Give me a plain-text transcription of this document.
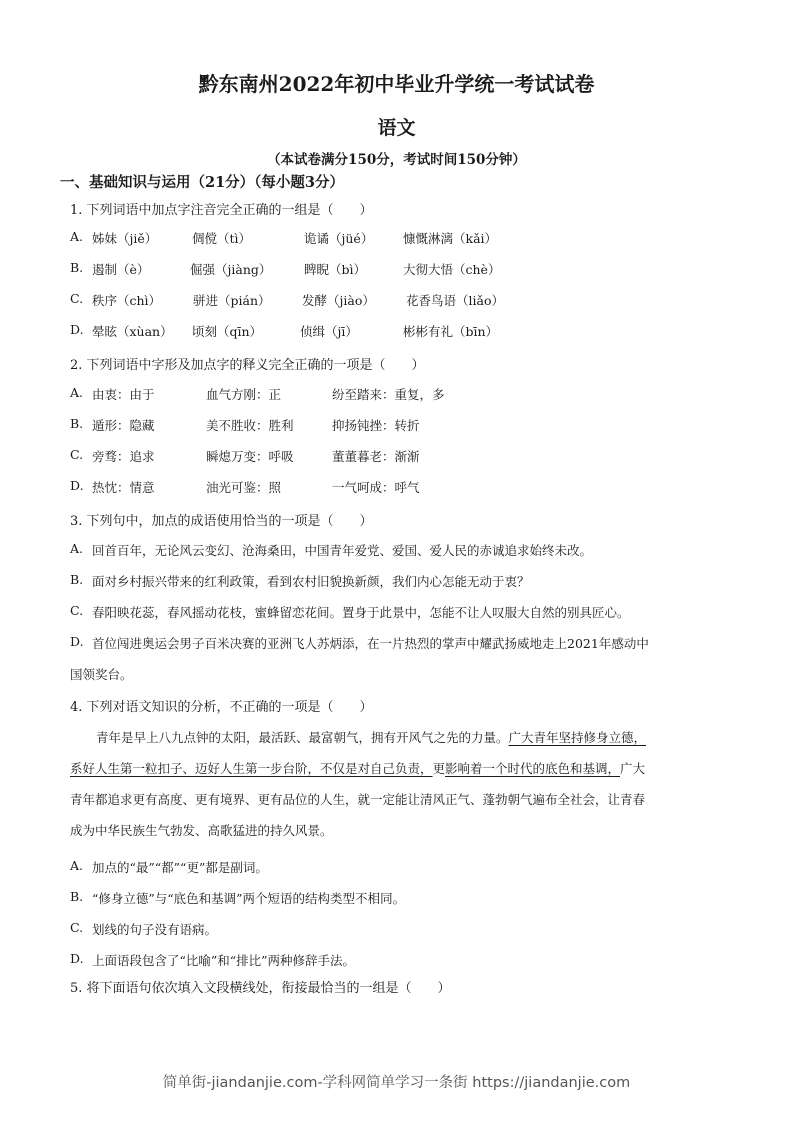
黔东南州2022年初中毕业升学统一考试试卷
语文
（本试卷满分150分，考试时间150分钟）
一、基础知识与运用（21分）（每小题3分）
1. 下列词语中加点字注音完全正确的一组是（　　）
A. 姊妹（jiě）	倜傥（tì）	诡谲（jüé） 慷慨淋漓（kǎi）
B. 遏制（è）	倔强（jiàng）	睥睨（bì）	大彻大悟（chè）
C. 秩序（chì）	骈进（pián）	发酵（jiào） 花香鸟语（liǎo）
D. 晕眩（xùan） 顷刻（qīn）	侦缉（jī）	彬彬有礼（bīn）
2. 下列词语中字形及加点字的释义完全正确的一项是（　　）
A. 由衷：由于	血气方刚：正	纷至踏来：重复，多
B. 遁形：隐藏	美不胜收：胜利	抑扬钝挫：转折
C. 旁骛：追求	瞬熄万变：呼吸	董董暮老：渐渐
D. 热忱：情意	油光可鉴：照	一气呵成：呼气
3. 下列句中，加点的成语使用恰当的一项是（　　）
A. 回首百年，无论风云变幻、沧海桑田，中国青年爱党、爱国、爱人民的赤诚追求始终未改。
B. 面对乡村振兴带来的红利政策，看到农村旧貌换新颜，我们内心怎能无动于衷？
C. 春阳映花蕊，春风摇动花枝，蜜蜂留恋花间。置身于此景中，怎能不让人叹服大自然的别具匠心。
D. 首位闯进奥运会男子百米决赛的亚洲飞人苏炳添，在一片热烈的掌声中耀武扬威地走上2021年感动中
国领奖台。
4. 下列对语文知识的分析，不正确的一项是（　　）
青年是早上八九点钟的太阳，最活跃、最富朝气，拥有开风气之先的力量。广大青年坚持修身立德，
系好人生第一粒扣子、迈好人生第一步台阶，不仅是对自己负责，更影响着一个时代的底色和基调，广大
青年都追求更有高度、更有境界、更有品位的人生，就一定能让清风正气、蓬勃朝气遍布全社会，让青春
成为中华民族生气勃发、高歌猛进的持久风景。
A. 加点的“最”“都”“更”都是副词。
B. “修身立德”与“底色和基调”两个短语的结构类型不相同。
C. 划线的句子没有语病。
D. 上面语段包含了“比喻”和“排比”两种修辞手法。
5. 将下面语句依次填入文段横线处，衔接最恰当的一组是（　　）
简单街-jiandanjie.com-学科网简单学习一条街 https://jiandanjie.com
